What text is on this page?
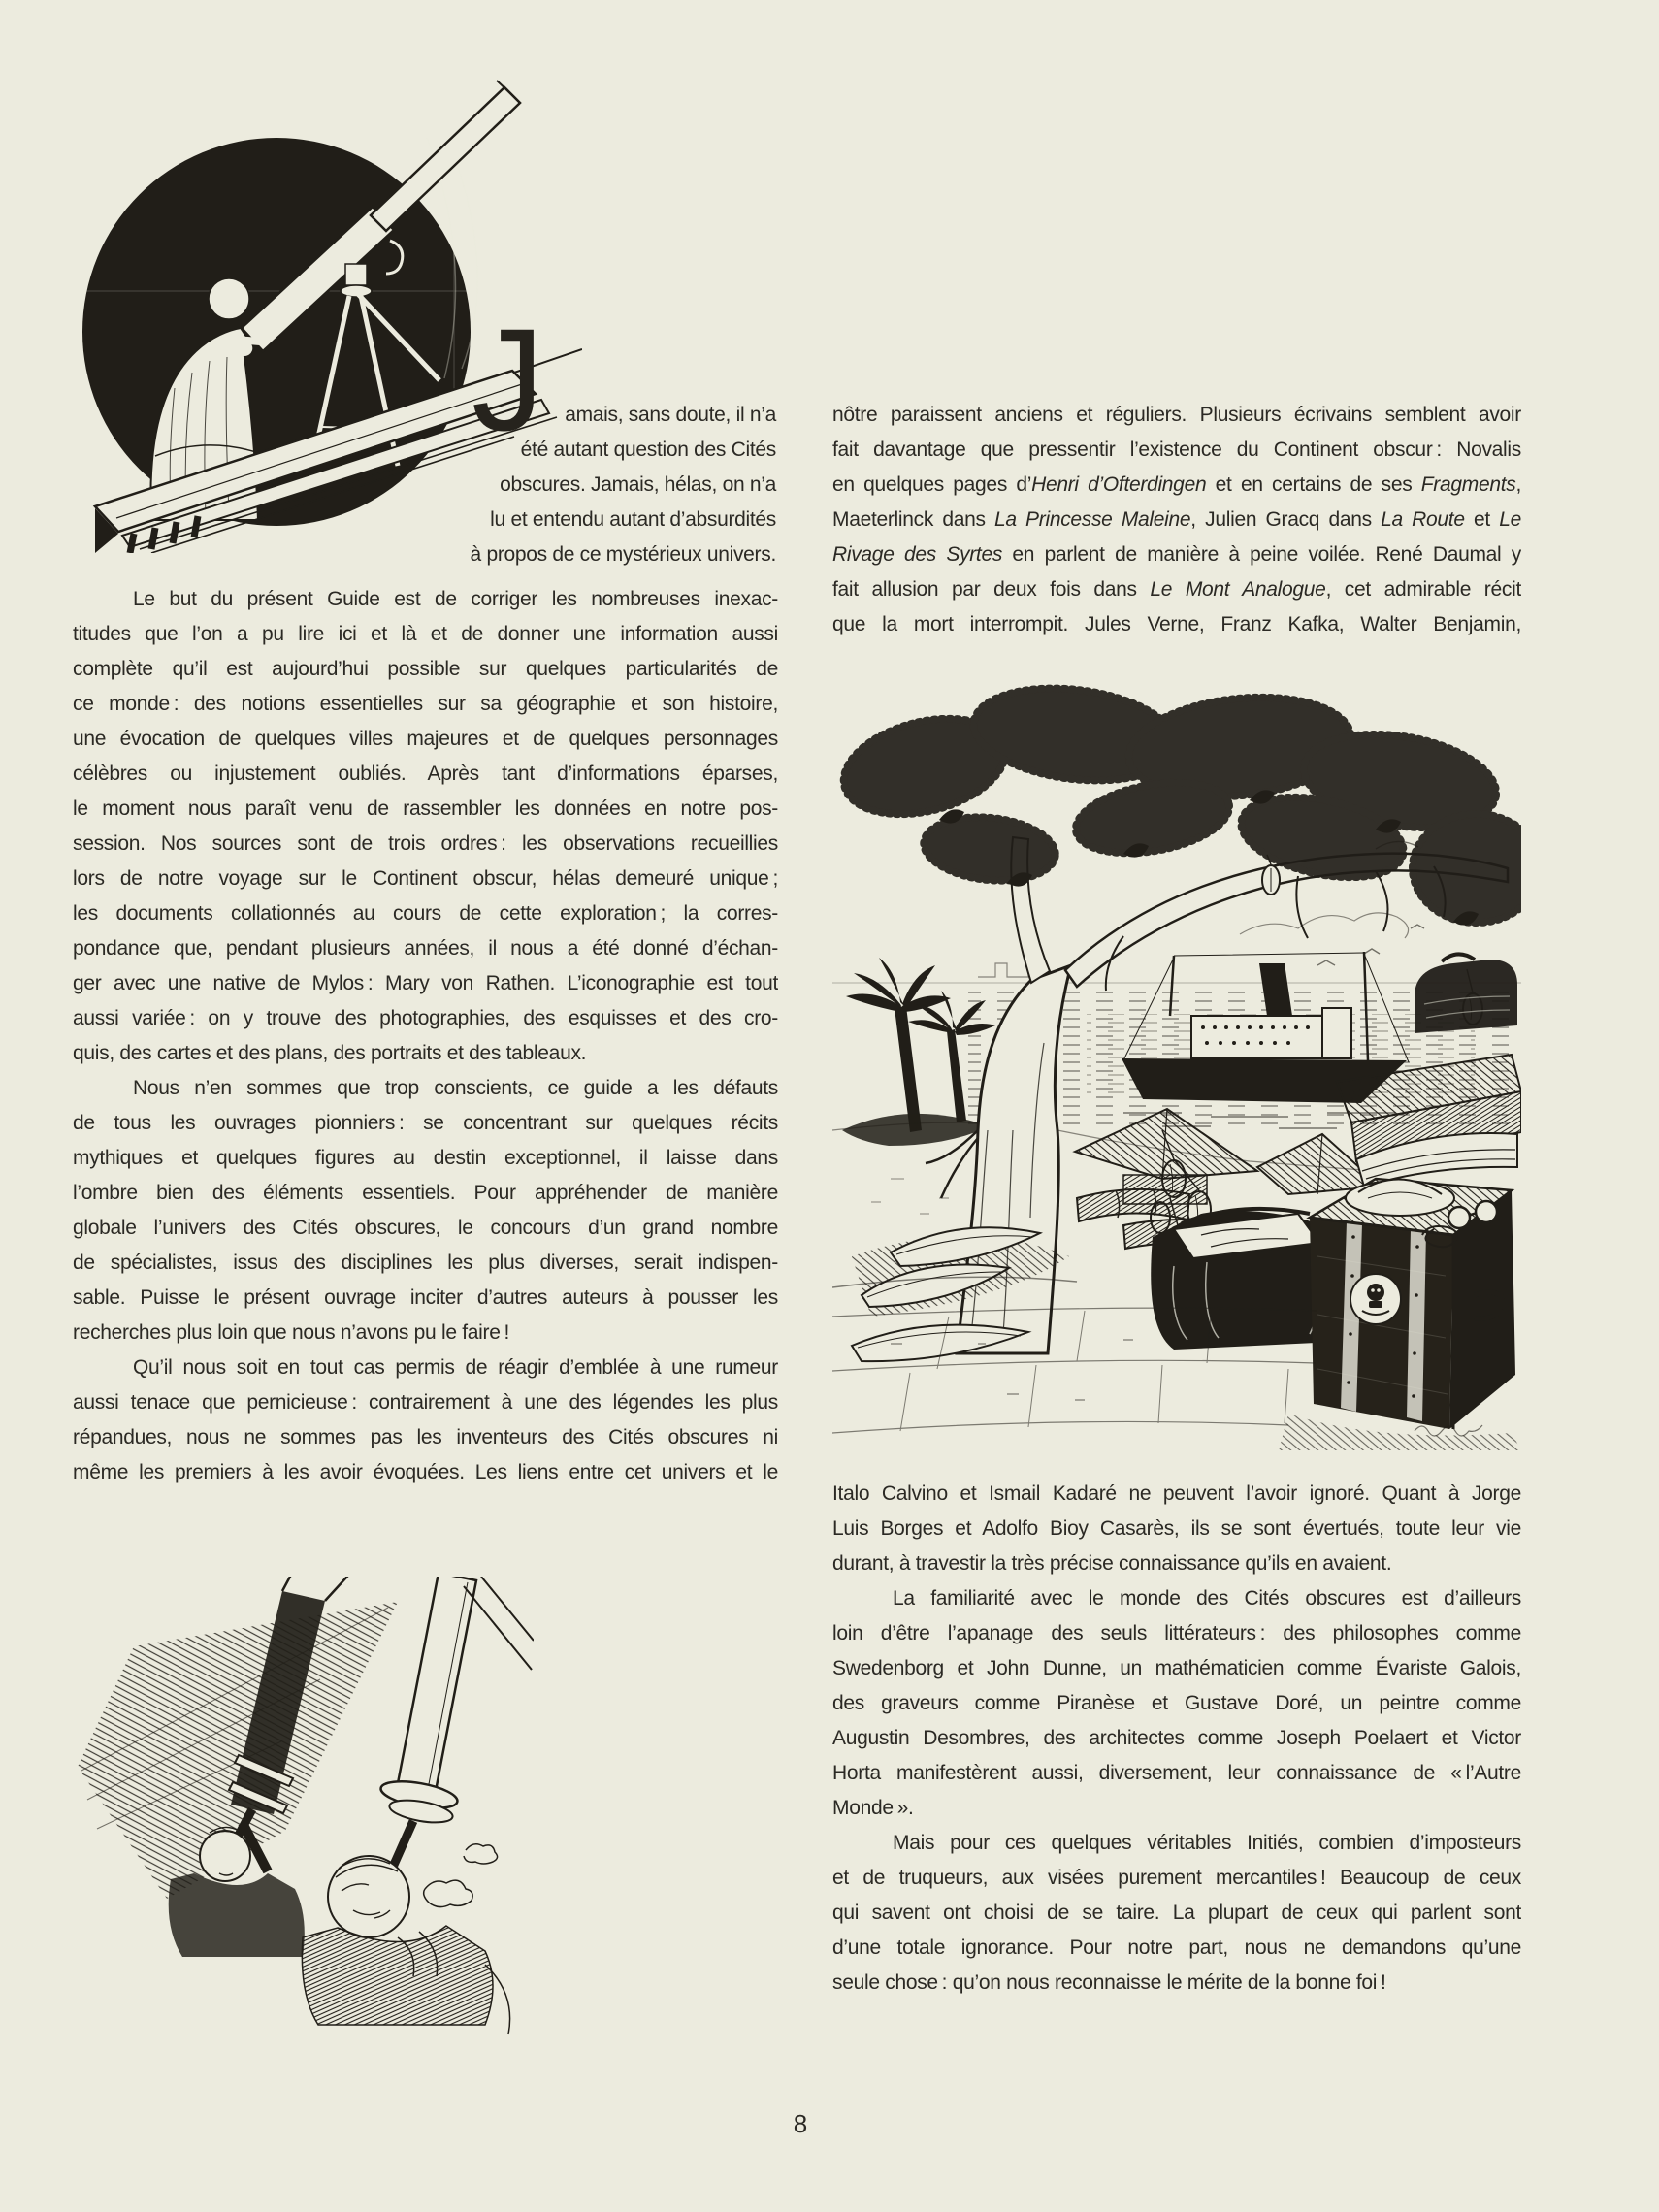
J	amais, sans doute, il n’a
été autant question des Cités
obscures. Jamais, hélas, on n’a
lu et entendu autant d’absurdités
à propos de ce mystérieux univers.
Le but du présent Guide est de corriger les nombreuses inexac-
titudes que l’on a pu lire ici et là et de donner une information aussi
complète qu’il est aujourd’hui possible sur quelques particularités de
ce monde : des notions essentielles sur sa géographie et son histoire,
une évocation de quelques villes majeures et de quelques personnages
célèbres ou injustement oubliés. Après tant d’informations éparses,
le moment nous paraît venu de rassembler les données en notre pos-
session. Nos sources sont de trois ordres : les observations recueillies
lors de notre voyage sur le Continent obscur, hélas demeuré unique ;
les documents collationnés au cours de cette exploration ; la corres-
pondance que, pendant plusieurs années, il nous a été donné d’échan-
ger avec une native de Mylos : Mary von Rathen. L’iconographie est tout
aussi variée : on y trouve des photographies, des esquisses et des cro-
quis, des cartes et des plans, des portraits et des tableaux.
Nous n’en sommes que trop conscients, ce guide a les défauts
de tous les ouvrages pionniers : se concentrant sur quelques récits
mythiques et quelques figures au destin exceptionnel, il laisse dans
l’ombre bien des éléments essentiels. Pour appréhender de manière
globale l’univers des Cités obscures, le concours d’un grand nombre
de spécialistes, issus des disciplines les plus diverses, serait indispen-
sable. Puisse le présent ouvrage inciter d’autres auteurs à pousser les
recherches plus loin que nous n’avons pu le faire !
Qu’il nous soit en tout cas permis de réagir d’emblée à une rumeur
aussi tenace que pernicieuse : contrairement à une des légendes les plus
répandues, nous ne sommes pas les inventeurs des Cités obscures ni
même les premiers à les avoir évoquées. Les liens entre cet univers et le
nôtre paraissent anciens et réguliers. Plusieurs écrivains semblent avoir
fait davantage que pressentir l’existence du Continent obscur : Novalis
en quelques pages d’Henri d’Ofterdingen et en certains de ses Fragments,
Maeterlinck dans La Princesse Maleine, Julien Gracq dans La Route et Le
Rivage des Syrtes en parlent de manière à peine voilée. René Daumal y
fait allusion par deux fois dans Le Mont Analogue, cet admirable récit
que la mort interrompit. Jules Verne, Franz Kafka, Walter Benjamin,
Italo Calvino et Ismail Kadaré ne peuvent l’avoir ignoré. Quant à Jorge
Luis Borges et Adolfo Bioy Casarès, ils se sont évertués, toute leur vie
durant, à travestir la très précise connaissance qu’ils en avaient.
La familiarité avec le monde des Cités obscures est d’ailleurs
loin d’être l’apanage des seuls littérateurs : des philosophes comme
Swedenborg et John Dunne, un mathématicien comme Évariste Galois,
des graveurs comme Piranèse et Gustave Doré, un peintre comme
Augustin Desombres, des architectes comme Joseph Poelaert et Victor
Horta manifestèrent aussi, diversement, leur connaissance de « l’Autre
Monde ».
Mais pour ces quelques véritables Initiés, combien d’imposteurs
et de truqueurs, aux visées purement mercantiles ! Beaucoup de ceux
qui savent ont choisi de se taire. La plupart de ceux qui parlent sont
d’une totale ignorance. Pour notre part, nous ne demandons qu’une
seule chose : qu’on nous reconnaisse le mérite de la bonne foi !
8
